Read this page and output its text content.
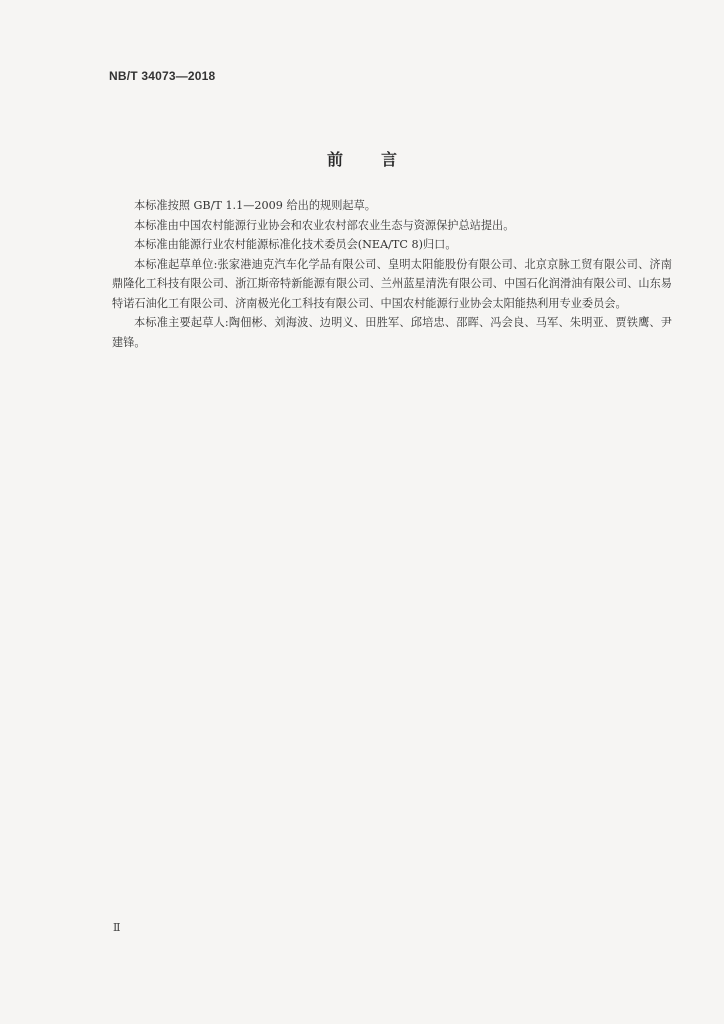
NB/T 34073—2018
前言

本标准按照 GB/T 1.1—2009 给出的规则起草。

本标准由中国农村能源行业协会和农业农村部农业生态与资源保护总站提出。

本标准由能源行业农村能源标准化技术委员会(NEA/TC 8)归口。

本标准起草单位:张家港迪克汽车化学品有限公司、皇明太阳能股份有限公司、北京京脉工贸有限公司、济南鼎隆化工科技有限公司、浙江斯帝特新能源有限公司、兰州蓝星清洗有限公司、中国石化润滑油有限公司、山东易特诺石油化工有限公司、济南极光化工科技有限公司、中国农村能源行业协会太阳能热利用专业委员会。

本标准主要起草人:陶佃彬、刘海波、边明义、田胜军、邱培忠、邵晖、冯会良、马军、朱明亚、贾铁鹰、尹建锋。

Ⅱ
